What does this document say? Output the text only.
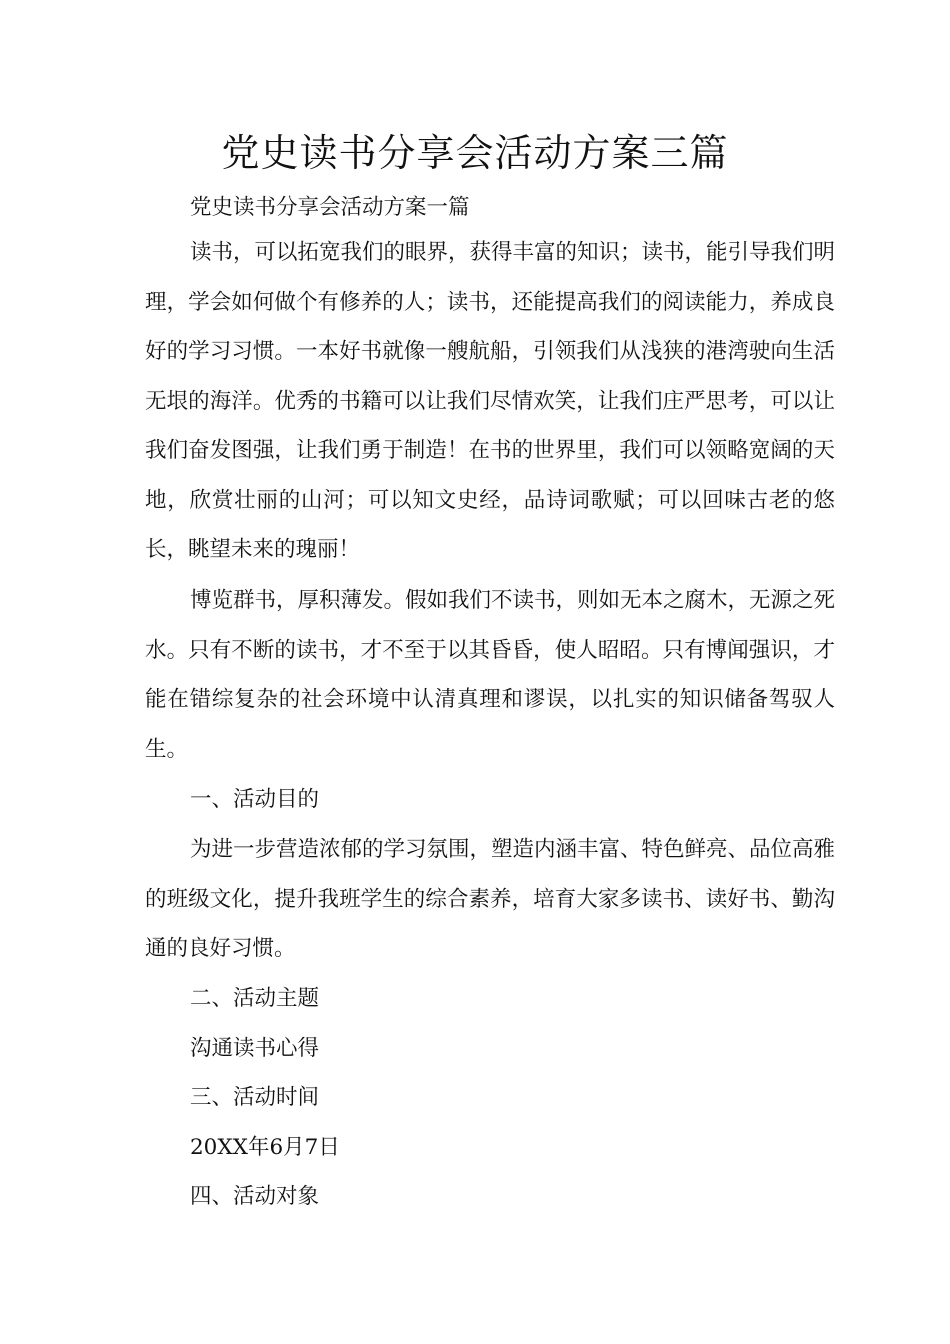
党史读书分享会活动方案三篇

党史读书分享会活动方案一篇

读书，可以拓宽我们的眼界，获得丰富的知识；读书，能引导我们明理，学会如何做个有修养的人；读书，还能提高我们的阅读能力，养成良好的学习习惯。一本好书就像一艘航船，引领我们从浅狭的港湾驶向生活无垠的海洋。优秀的书籍可以让我们尽情欢笑，让我们庄严思考，可以让我们奋发图强，让我们勇于制造！在书的世界里，我们可以领略宽阔的天地，欣赏壮丽的山河；可以知文史经，品诗词歌赋；可以回味古老的悠长，眺望未来的瑰丽！

博览群书，厚积薄发。假如我们不读书，则如无本之腐木，无源之死水。只有不断的读书，才不至于以其昏昏，使人昭昭。只有博闻强识，才能在错综复杂的社会环境中认清真理和谬误，以扎实的知识储备驾驭人生。

一、活动目的

为进一步营造浓郁的学习氛围，塑造内涵丰富、特色鲜亮、品位高雅的班级文化，提升我班学生的综合素养，培育大家多读书、读好书、勤沟通的良好习惯。

二、活动主题

沟通读书心得

三、活动时间

20XX年6月7日

四、活动对象
